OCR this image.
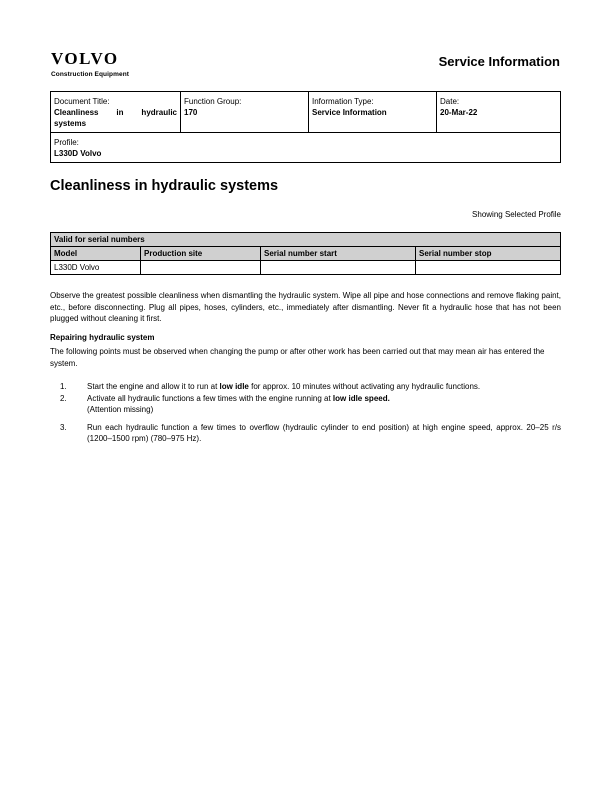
VOLVO
Construction Equipment
Service Information
Document Title:
Cleanliness in hydraulic
systems

Function Group:
170

Information Type:
Service Information

Date:
20-Mar-22

Profile:
L330D Volvo
Cleanliness in hydraulic systems
Showing Selected Profile
Valid for serial numbers			
Model	Production site	Serial number start	Serial number stop
L330D Volvo			
Observe the greatest possible cleanliness when dismantling the hydraulic system. Wipe all pipe and hose connections and remove flaking paint, etc., before disconnecting. Plug all pipes, hoses, cylinders, etc., immediately after dismantling. Never fit a hydraulic hose that has not been plugged without cleaning it first.
Repairing hydraulic system
The following points must be observed when changing the pump or after other work has been carried out that may mean air has entered the system.
1.	Start the engine and allow it to run at low idle for approx. 10 minutes without activating any hydraulic functions.
2.	Activate all hydraulic functions a few times with the engine running at low idle speed.
(Attention missing)
3.	Run each hydraulic function a few times to overflow (hydraulic cylinder to end position) at high engine speed, approx. 20–25 r/s (1200–1500 rpm) (780–975 Hz).
